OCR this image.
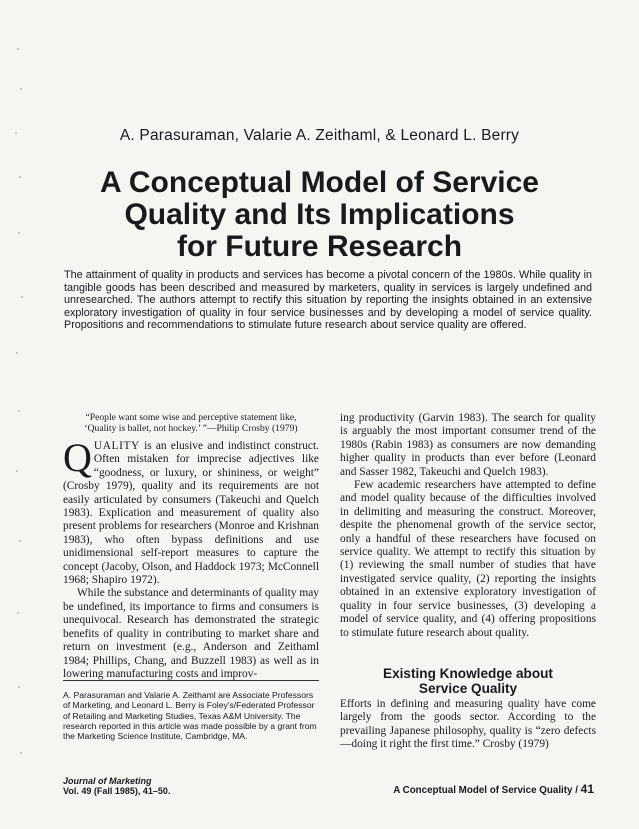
A. Parasuraman, Valarie A. Zeithaml, & Leonard L. Berry
A Conceptual Model of Service
Quality and Its Implications
for Future Research

The attainment of quality in products and services has become a pivotal concern of the 1980s. While quality in tangible goods has been described and measured by marketers, quality in services is largely undefined and unresearched. The authors attempt to rectify this situation by reporting the insights obtained in an extensive exploratory investigation of quality in four service businesses and by developing a model of service quality. Propositions and recommendations to stimulate future research about service quality are offered.

“People want some wise and perceptive statement like,
‘Quality is ballet, not hockey.’ ”—Philip Crosby (1979)

QUALITY is an elusive and indistinct construct. Often mistaken for imprecise adjectives like “goodness, or luxury, or shininess, or weight” (Crosby 1979), quality and its requirements are not easily articulated by consumers (Takeuchi and Quelch 1983). Explication and measurement of quality also present problems for researchers (Monroe and Krishnan 1983), who often bypass definitions and use unidimensional self-report measures to capture the concept (Jacoby, Olson, and Haddock 1973; McConnell 1968; Shapiro 1972).

While the substance and determinants of quality may be undefined, its importance to firms and consumers is unequivocal. Research has demonstrated the strategic benefits of quality in contributing to market share and return on investment (e.g., Anderson and Zeithaml 1984; Phillips, Chang, and Buzzell 1983) as well as in lowering manufacturing costs and improv-

A. Parasuraman and Valarie A. Zeithaml are Associate Professors of Marketing, and Leonard L. Berry is Foley's/Federated Professor of Retailing and Marketing Studies, Texas A&M University. The research reported in this article was made possible by a grant from the Marketing Science Institute, Cambridge, MA.

ing productivity (Garvin 1983). The search for quality is arguably the most important consumer trend of the 1980s (Rabin 1983) as consumers are now demanding higher quality in products than ever before (Leonard and Sasser 1982, Takeuchi and Quelch 1983).

Few academic researchers have attempted to define and model quality because of the difficulties involved in delimiting and measuring the construct. Moreover, despite the phenomenal growth of the service sector, only a handful of these researchers have focused on service quality. We attempt to rectify this situation by (1) reviewing the small number of studies that have investigated service quality, (2) reporting the insights obtained in an extensive exploratory investigation of quality in four service businesses, (3) developing a model of service quality, and (4) offering propositions to stimulate future research about quality.

Existing Knowledge about
Service Quality

Efforts in defining and measuring quality have come largely from the goods sector. According to the prevailing Japanese philosophy, quality is “zero defects—doing it right the first time.” Crosby (1979)

Journal of Marketing
Vol. 49 (Fall 1985), 41–50.	A Conceptual Model of Service Quality / 41
